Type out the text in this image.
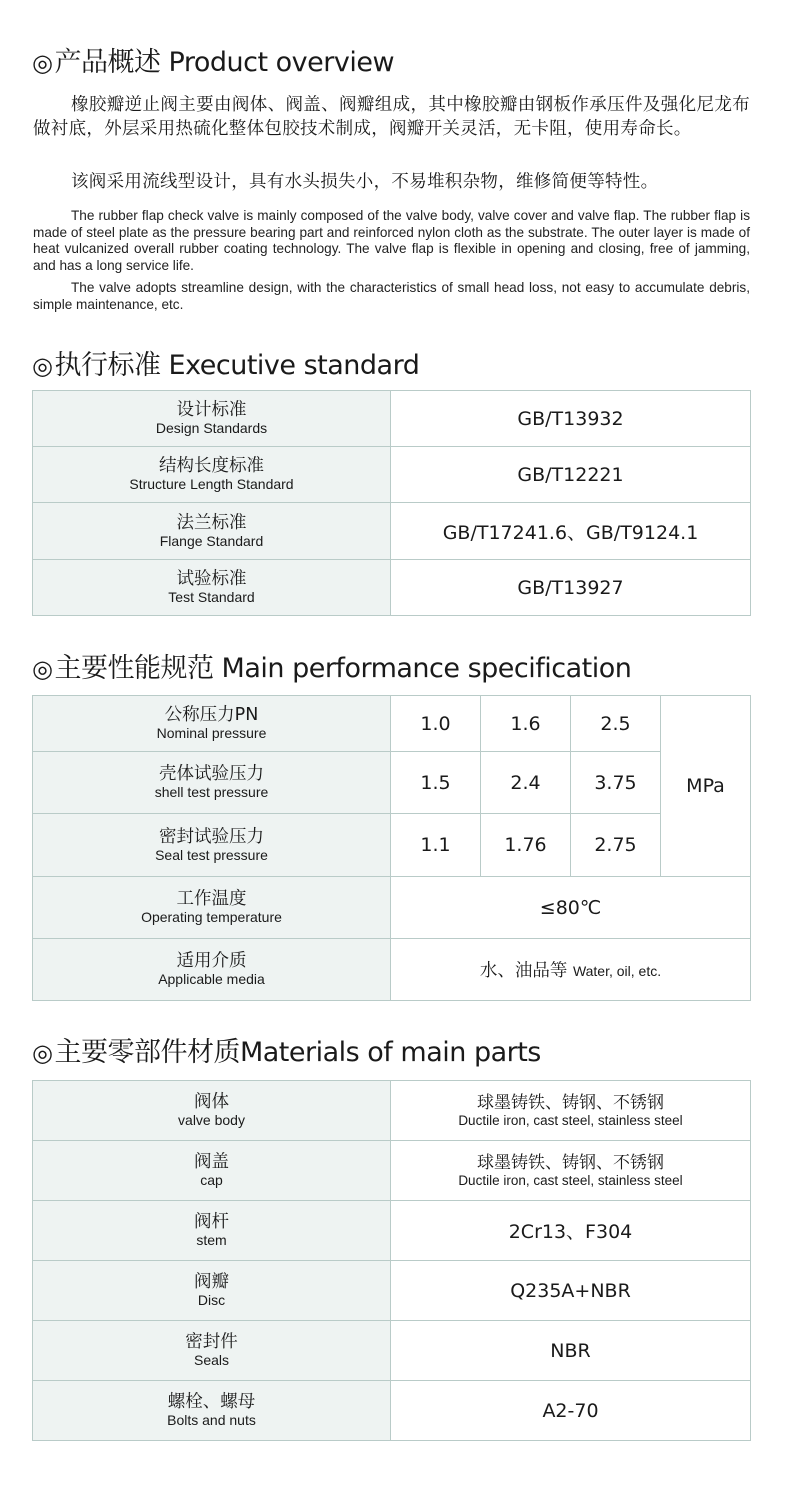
◎产品概述 Product overview
橡胶瓣逆止阀主要由阀体、阀盖、阀瓣组成，其中橡胶瓣由钢板作承压件及强化尼龙布做衬底，外层采用热硫化整体包胶技术制成，阀瓣开关灵活，无卡阻，使用寿命长。
该阀采用流线型设计，具有水头损失小，不易堆积杂物，维修简便等特性。
The rubber flap check valve is mainly composed of the valve body, valve cover and valve flap. The rubber flap is made of steel plate as the pressure bearing part and reinforced nylon cloth as the substrate. The outer layer is made of heat vulcanized overall rubber coating technology. The valve flap is flexible in opening and closing, free of jamming, and has a long service life.
The valve adopts streamline design, with the characteristics of small head loss, not easy to accumulate debris, simple maintenance, etc.
◎执行标准 Executive standard
设计标准
Design Standards	GB/T13932

结构长度标准
Structure Length Standard	GB/T12221

法兰标准
Flange Standard	GB/T17241.6、GB/T9124.1

试验标准
Test Standard	GB/T13927
◎主要性能规范 Main performance specification
公称压力PN
Nominal pressure	1.0	1.6	2.5	MPa

壳体试验压力
shell test pressure	1.5	2.4	3.75	

密封试验压力
Seal test pressure	1.1	1.76	2.75	

工作温度
Operating temperature	≤80℃			

适用介质
Applicable media	水、油品等 Water, oil, etc.			
◎主要零部件材质Materials of main parts
阀体
valve body	球墨铸铁、铸钢、不锈钢
Ductile iron, cast steel, stainless steel

阀盖
cap	球墨铸铁、铸钢、不锈钢
Ductile iron, cast steel, stainless steel

阀杆
stem	2Cr13、F304

阀瓣
Disc	Q235A+NBR

密封件
Seals	NBR

螺栓、螺母
Bolts and nuts	A2-70
